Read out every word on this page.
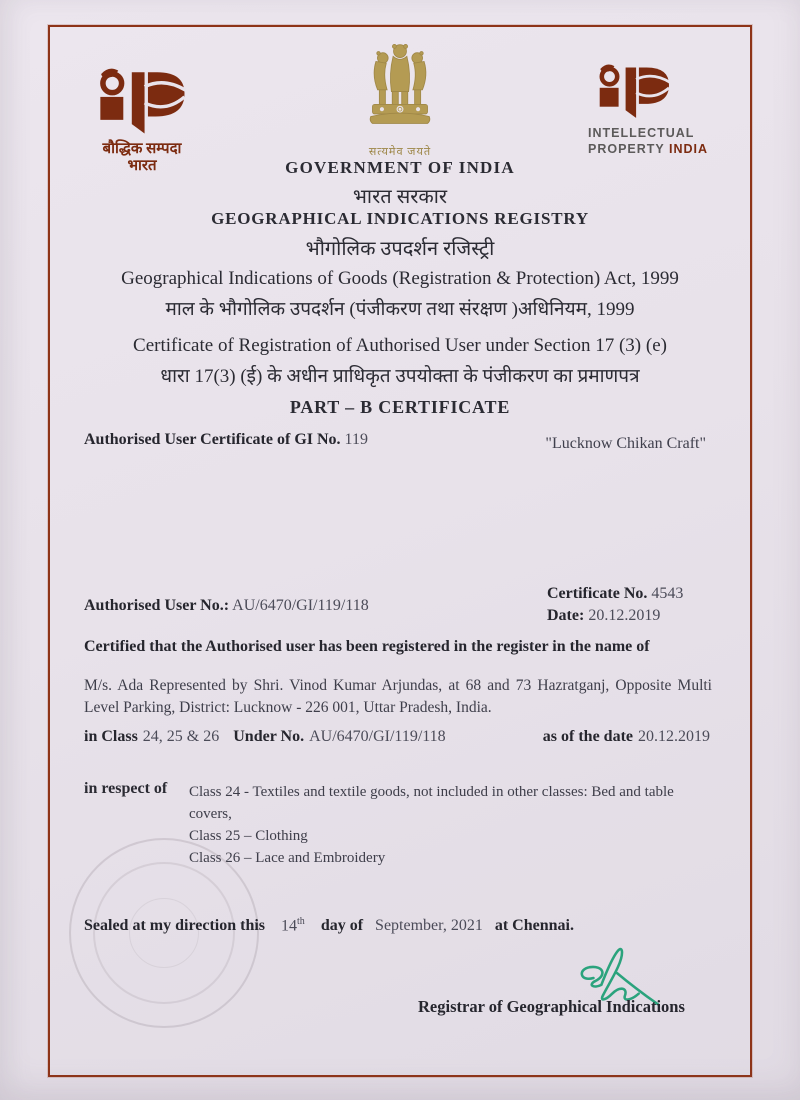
बौद्धिक सम्पदा
भारत
सत्यमेव जयते
INTELLECTUAL
PROPERTY INDIA
GOVERNMENT OF INDIA
भारत सरकार
GEOGRAPHICAL INDICATIONS REGISTRY
भौगोलिक उपदर्शन रजिस्ट्री
Geographical Indications of Goods (Registration & Protection) Act, 1999
माल के भौगोलिक उपदर्शन (पंजीकरण तथा संरक्षण )अधिनियम, 1999
Certificate of Registration of Authorised User under Section 17 (3) (e)
धारा 17(3) (ई) के अधीन प्राधिकृत उपयोक्ता के पंजीकरण का प्रमाणपत्र
PART – B CERTIFICATE
Authorised User Certificate of GI No. 119	"Lucknow Chikan Craft"
Certificate No. 4543
Date: 20.12.2019
Authorised User No.: AU/6470/GI/119/118
Certified that the Authorised user has been registered in the register in the name of
M/s. Ada Represented by Shri. Vinod Kumar Arjundas, at 68 and 73 Hazratganj, Opposite Multi Level Parking, District: Lucknow - 226 001, Uttar Pradesh, India.
in Class 24, 25 & 26 Under No. AU/6470/GI/119/118	as of the date 20.12.2019
in respect of Class 24 - Textiles and textile goods, not included in other classes: Bed and table covers,
Class 25 – Clothing
Class 26 – Lace and Embroidery
Sealed at my direction this 14th day of September, 2021 at Chennai.
Registrar of Geographical Indications
